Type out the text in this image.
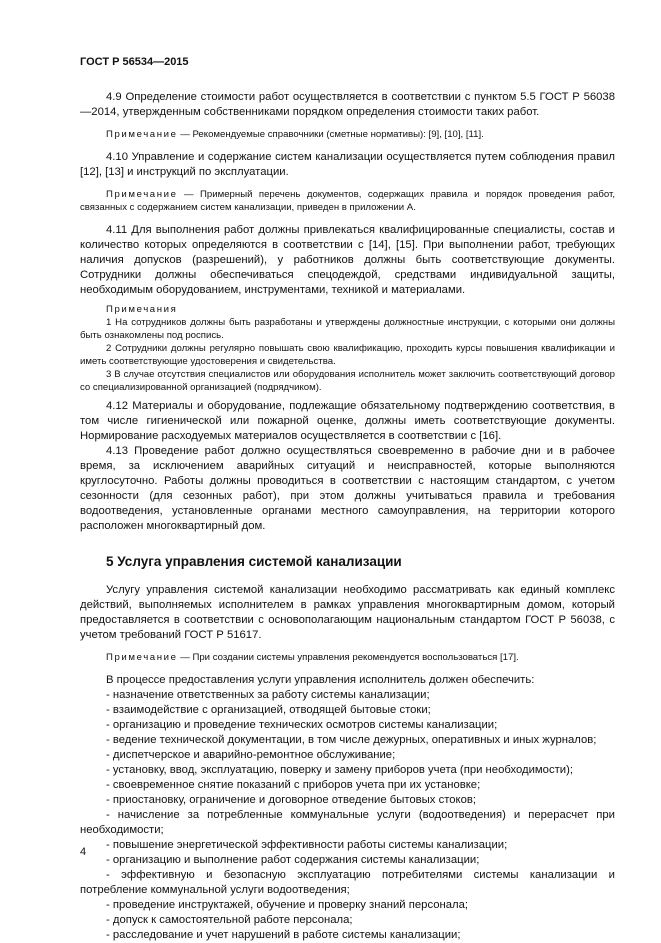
ГОСТ Р 56534—2015

4.9 Определение стоимости работ осуществляется в соответствии с пунктом 5.5 ГОСТ Р 56038—2014, утвержденным собственниками порядком определения стоимости таких работ.

Примечание — Рекомендуемые справочники (сметные нормативы): [9], [10], [11].

4.10 Управление и содержание систем канализации осуществляется путем соблюдения правил [12], [13] и инструкций по эксплуатации.

Примечание — Примерный перечень документов, содержащих правила и порядок проведения работ, связанных с содержанием систем канализации, приведен в приложении А.

4.11 Для выполнения работ должны привлекаться квалифицированные специалисты, состав и количество которых определяются в соответствии с [14], [15]. При выполнении работ, требующих наличия допусков (разрешений), у работников должны быть соответствующие документы. Сотрудники должны обеспечиваться спецодеждой, средствами индивидуальной защиты, необходимым оборудованием, инструментами, техникой и материалами.

Примечания

1 На сотрудников должны быть разработаны и утверждены должностные инструкции, с которыми они должны быть ознакомлены под роспись.

2 Сотрудники должны регулярно повышать свою квалификацию, проходить курсы повышения квалификации и иметь соответствующие удостоверения и свидетельства.

3 В случае отсутствия специалистов или оборудования исполнитель может заключить соответствующий договор со специализированной организацией (подрядчиком).

4.12 Материалы и оборудование, подлежащие обязательному подтверждению соответствия, в том числе гигиенической или пожарной оценке, должны иметь соответствующие документы. Нормирование расходуемых материалов осуществляется в соответствии с [16].

4.13 Проведение работ должно осуществляться своевременно в рабочие дни и в рабочее время, за исключением аварийных ситуаций и неисправностей, которые выполняются круглосуточно. Работы должны проводиться в соответствии с настоящим стандартом, с учетом сезонности (для сезонных работ), при этом должны учитываться правила и требования водоотведения, установленные органами местного самоуправления, на территории которого расположен многоквартирный дом.

5 Услуга управления системой канализации

Услугу управления системой канализации необходимо рассматривать как единый комплекс действий, выполняемых исполнителем в рамках управления многоквартирным домом, который предоставляется в соответствии с основополагающим национальным стандартом ГОСТ Р 56038, с учетом требований ГОСТ Р 51617.

Примечание — При создании системы управления рекомендуется воспользоваться [17].

В процессе предоставления услуги управления исполнитель должен обеспечить:

- назначение ответственных за работу системы канализации;
- взаимодействие с организацией, отводящей бытовые стоки;
- организацию и проведение технических осмотров системы канализации;
- ведение технической документации, в том числе дежурных, оперативных и иных журналов;
- диспетчерское и аварийно-ремонтное обслуживание;
- установку, ввод, эксплуатацию, поверку и замену приборов учета (при необходимости);
- своевременное снятие показаний с приборов учета при их установке;
- приостановку, ограничение и договорное отведение бытовых стоков;
- начисление за потребленные коммунальные услуги (водоотведения) и перерасчет при необходимости;
- повышение энергетической эффективности работы системы канализации;
- организацию и выполнение работ содержания системы канализации;
- эффективную и безопасную эксплуатацию потребителями системы канализации и потребление коммунальной услуги водоотведения;
- проведение инструктажей, обучение и проверку знаний персонала;
- допуск к самостоятельной работе персонала;
- расследование и учет нарушений в работе системы канализации;
4
